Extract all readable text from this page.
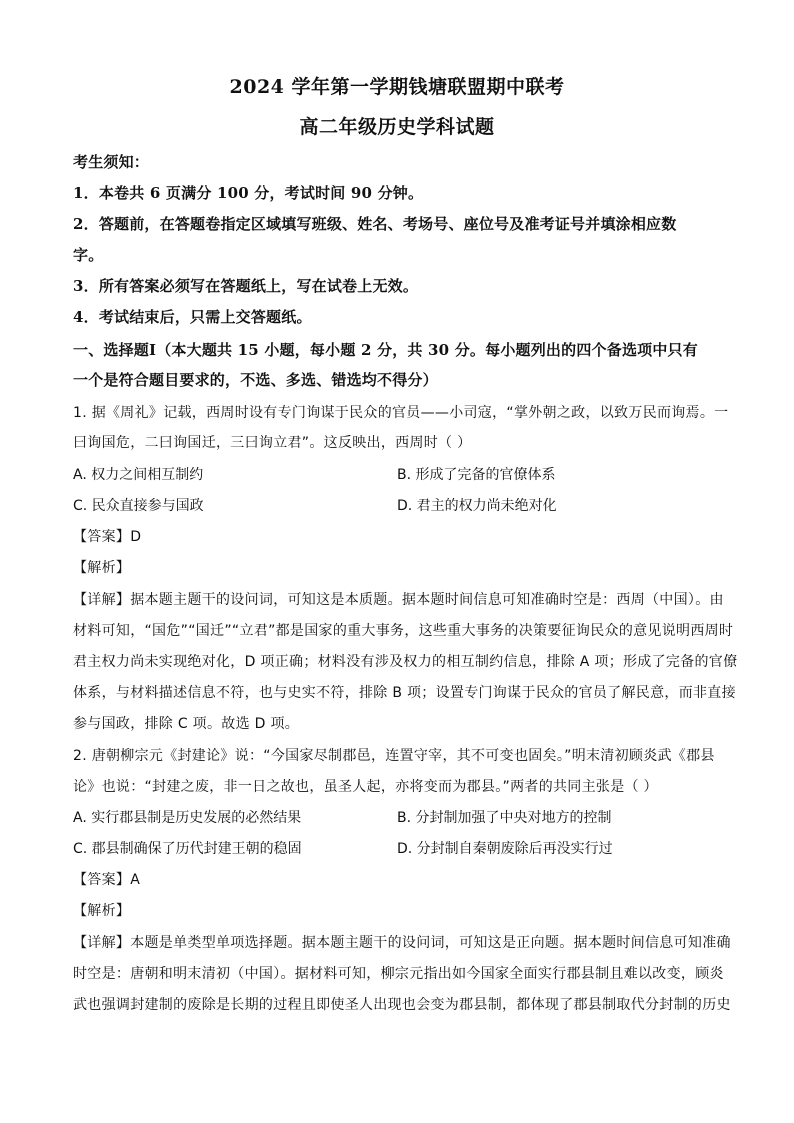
2024 学年第一学期钱塘联盟期中联考
高二年级历史学科试题
考生须知：
1．本卷共 6 页满分 100 分，考试时间 90 分钟。
2．答题前，在答题卷指定区域填写班级、姓名、考场号、座位号及准考证号并填涂相应数
字。
3．所有答案必须写在答题纸上，写在试卷上无效。
4．考试结束后，只需上交答题纸。
一、选择题Ⅰ（本大题共 15 小题，每小题 2 分，共 30 分。每小题列出的四个备选项中只有
一个是符合题目要求的，不选、多选、错选均不得分）
1. 据《周礼》记载，西周时设有专门询谋于民众的官员——小司寇，“掌外朝之政，以致万民而询焉。一
曰询国危，二曰询国迁，三曰询立君”。这反映出，西周时（ ）
A. 权力之间相互制约	B. 形成了完备的官僚体系
C. 民众直接参与国政	D. 君主的权力尚未绝对化
【答案】D
【解析】
【详解】据本题主题干的设问词，可知这是本质题。据本题时间信息可知准确时空是：西周（中国）。由
材料可知，“国危”“国迁”“立君”都是国家的重大事务，这些重大事务的决策要征询民众的意见说明西周时
君主权力尚未实现绝对化，D 项正确；材料没有涉及权力的相互制约信息，排除 A 项；形成了完备的官僚
体系，与材料描述信息不符，也与史实不符，排除 B 项；设置专门询谋于民众的官员了解民意，而非直接
参与国政，排除 C 项。故选 D 项。
2. 唐朝柳宗元《封建论》说：“今国家尽制郡邑，连置守宰，其不可变也固矣。”明末清初顾炎武《郡县
论》也说：“封建之废，非一日之故也，虽圣人起，亦将变而为郡县。”两者的共同主张是（ ）
A. 实行郡县制是历史发展的必然结果	B. 分封制加强了中央对地方的控制
C. 郡县制确保了历代封建王朝的稳固	D. 分封制自秦朝废除后再没实行过
【答案】A
【解析】
【详解】本题是单类型单项选择题。据本题主题干的设问词，可知这是正向题。据本题时间信息可知准确
时空是：唐朝和明末清初（中国）。据材料可知，柳宗元指出如今国家全面实行郡县制且难以改变，顾炎
武也强调封建制的废除是长期的过程且即使圣人出现也会变为郡县制，都体现了郡县制取代分封制的历史
